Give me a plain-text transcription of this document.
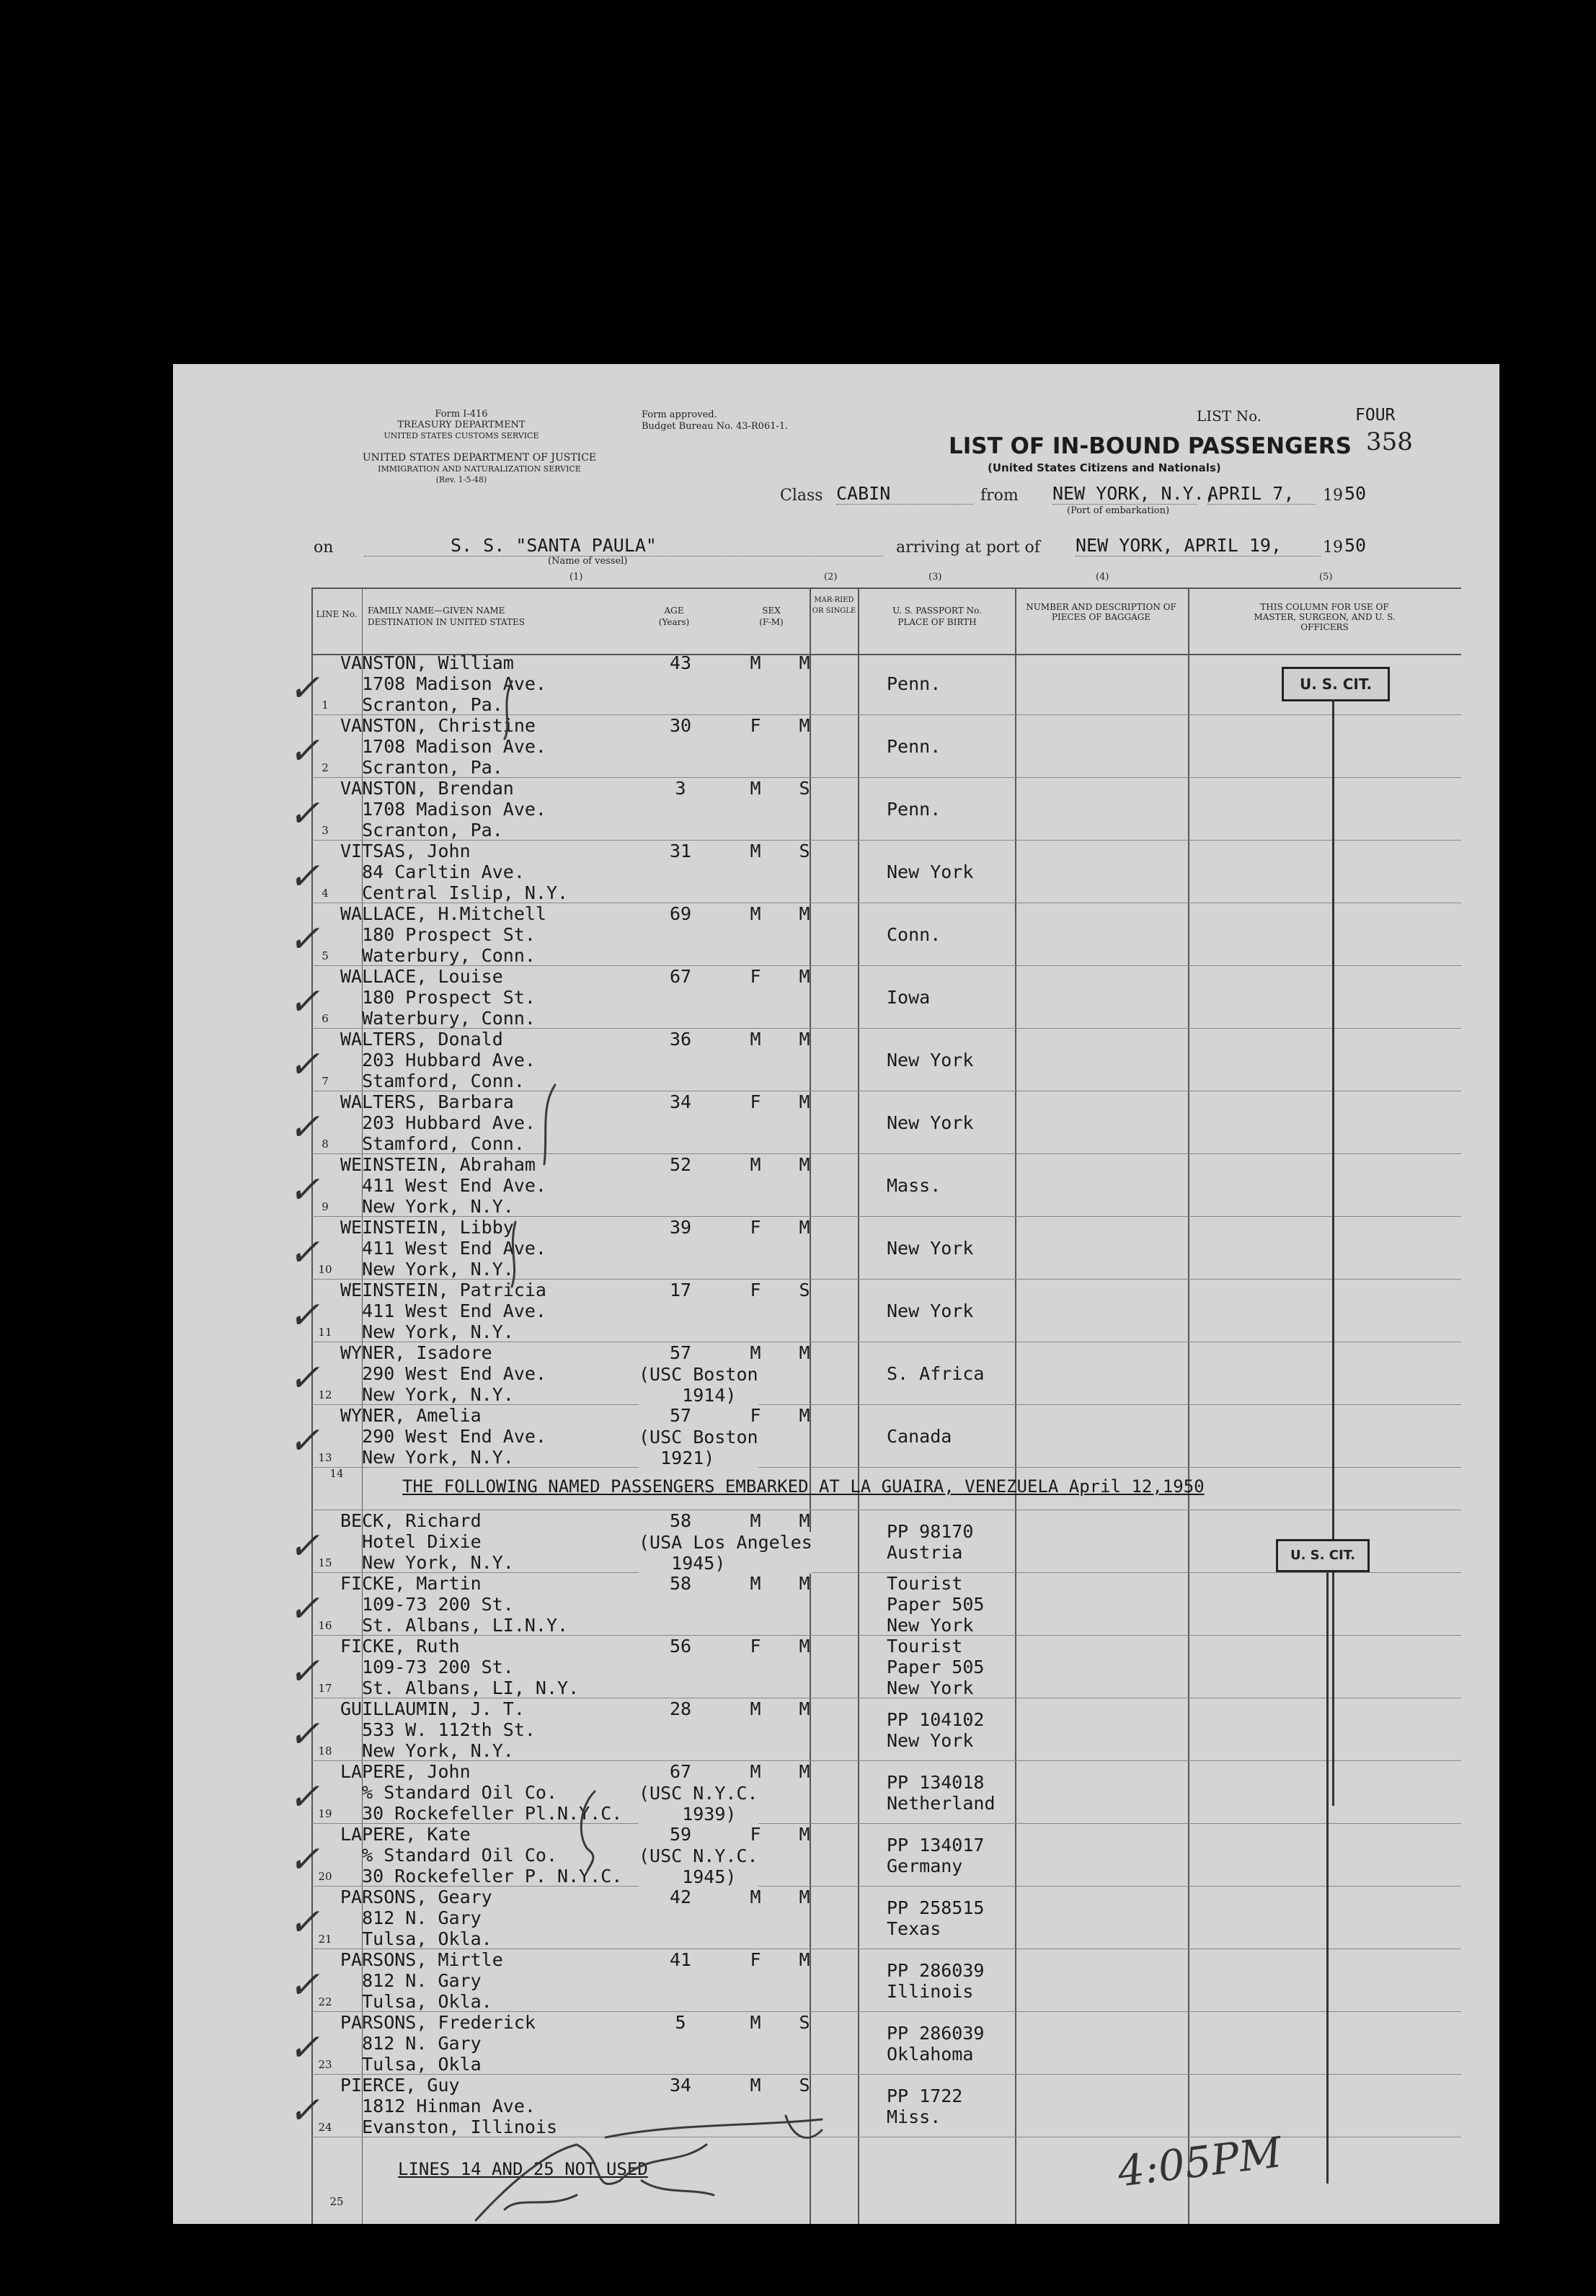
Form I-416
TREASURY DEPARTMENT
UNITED STATES CUSTOMS SERVICE
UNITED STATES DEPARTMENT OF JUSTICE
IMMIGRATION AND NATURALIZATION SERVICE
(Rev. 1-5-48)
Form approved.
Budget Bureau No. 43-R061-1.
LIST No.	FOUR
358
LIST OF IN-BOUND PASSENGERS
(United States Citizens and Nationals)
Class CABIN	from NEW YORK, N.Y.,
APRIL 7,	19 50
(Port of embarkation)
on	S. S. "SANTA PAULA"
(Name of vessel)
arriving at port of NEW YORK, APRIL 19,	19 50
(1)	(2)	(3)	(4)	(5)
LINE No. FAMILY NAME—GIVEN NAME
DESTINATION IN UNITED STATES
AGE
(Years)
SEX
(F-M)
MAR-RIED OR SINGLE	U. S. PASSPORT No.
PLACE OF BIRTH
NUMBER AND DESCRIPTION OF PIECES OF BAGGAGE
THIS COLUMN FOR USE OF MASTER, SURGEON, AND U. S. OFFICERS
1
✓
VANSTON, William
1708 Madison Ave.
Scranton, Pa.
43	M	M
Penn.
2
✓
VANSTON, Christine
1708 Madison Ave.
Scranton, Pa.
30	F	M
Penn.
3
✓
VANSTON, Brendan
1708 Madison Ave.
Scranton, Pa.
3	M	S
Penn.
4
✓
VITSAS, John
84 Carltin Ave.
Central Islip, N.Y.
31	M	S
New York
5
✓
WALLACE, H.Mitchell
180 Prospect St.
Waterbury, Conn.
69	M	M
Conn.
6
✓
WALLACE, Louise
180 Prospect St.
Waterbury, Conn.
67	F	M
Iowa
7
✓
WALTERS, Donald
203 Hubbard Ave.
Stamford, Conn.
36	M	M
New York
8
✓
WALTERS, Barbara
203 Hubbard Ave.
Stamford, Conn.
34	F	M
New York
9
✓
WEINSTEIN, Abraham
411 West End Ave.
New York, N.Y.
52	M	M
Mass.
10
✓
WEINSTEIN, Libby
411 West End Ave.
New York, N.Y.
39	F	M
New York
11
✓
WEINSTEIN, Patricia
411 West End Ave.
New York, N.Y.
17	F	S
New York
12
✓
WYNER, Isadore
290 West End Ave.
New York, N.Y.
57	M	M
(USC Boston
1914)
S. Africa
13
✓
WYNER, Amelia
290 West End Ave.
New York, N.Y.
57	F	M
(USC Boston
1921)
Canada
14
THE FOLLOWING NAMED PASSENGERS EMBARKED AT LA GUAIRA, VENEZUELA April 12,1950
15
✓
BECK, Richard
Hotel Dixie
New York, N.Y.
58	M	M
(USA Los Angeles
1945)
PP 98170
Austria
16
✓
FICKE, Martin
109-73 200 St.
St. Albans, LI.N.Y.
58	M	M	Tourist
Paper 505
New York
17
✓
FICKE, Ruth
109-73 200 St.
St. Albans, LI, N.Y.
56	F	M	Tourist
Paper 505
New York
18
✓
GUILLAUMIN, J. T.
533 W. 112th St.
New York, N.Y.
28	M	M
PP 104102
New York
19
✓
LAPERE, John
% Standard Oil Co.
30 Rockefeller Pl.N.Y.C.
67	M	M
(USC N.Y.C.
1939)
PP 134018
Netherland
20
✓
LAPERE, Kate
% Standard Oil Co.
30 Rockefeller P. N.Y.C.
59	F	M
(USC N.Y.C.
1945)
PP 134017
Germany
21
✓
PARSONS, Geary
812 N. Gary
Tulsa, Okla.
42	M	M
PP 258515
Texas
22
✓
PARSONS, Mirtle
812 N. Gary
Tulsa, Okla.
41	F	M
PP 286039
Illinois
23
✓
PARSONS, Frederick
812 N. Gary
Tulsa, Okla
5	M	S
PP 286039
Oklahoma
24
✓
PIERCE, Guy
1812 Hinman Ave.
Evanston, Illinois
34	M	S
PP 1722
Miss.
25
LINES 14 AND 25 NOT USED
U. S. CIT.
U. S. CIT.
4:05PM
